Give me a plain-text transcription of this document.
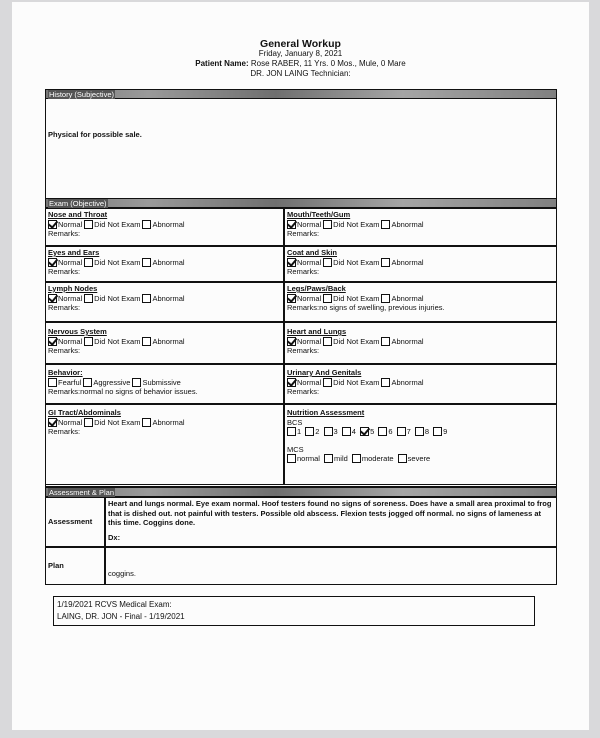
General Workup
Friday, January 8, 2021
Patient Name: Rose RABER, 11 Yrs. 0 Mos., Mule, 0 Mare
DR. JON LAING Technician:
History (Subjective)
Physical for possible sale.
Exam (Objective)
Nose and Throat
Normal Did Not Exam Abnormal
Remarks:
Mouth/Teeth/Gum
Normal Did Not Exam Abnormal
Remarks:
Eyes and Ears
Normal Did Not Exam Abnormal
Remarks:
Coat and Skin
Normal Did Not Exam Abnormal
Remarks:
Lymph Nodes
Normal Did Not Exam Abnormal
Remarks:
Legs/Paws/Back
Normal Did Not Exam Abnormal
Remarks:no signs of swelling, previous injuries.
Nervous System
Normal Did Not Exam Abnormal
Remarks:
Heart and Lungs
Normal Did Not Exam Abnormal
Remarks:
Behavior:
Fearful Aggressive Submissive
Remarks:normal no signs of behavior issues.
Urinary And Genitals
Normal Did Not Exam Abnormal
Remarks:
GI Tract/Abdominals
Normal Did Not Exam Abnormal
Remarks:
Nutrition Assessment
BCS
1 2 3 4 5 6 7 8 9
MCS
normal mild moderate severe
Assessment & Plan
Assessment
Heart and lungs normal. Eye exam normal. Hoof testers found no signs of soreness. Does have a small area proximal to frog that is dished out. not painful with testers. Possible old abscess. Flexion tests jogged off normal. no signs of lameness at this time. Coggins done.
Dx:
Plan
coggins.
1/19/2021 RCVS Medical Exam:
LAING, DR. JON - Final - 1/19/2021
